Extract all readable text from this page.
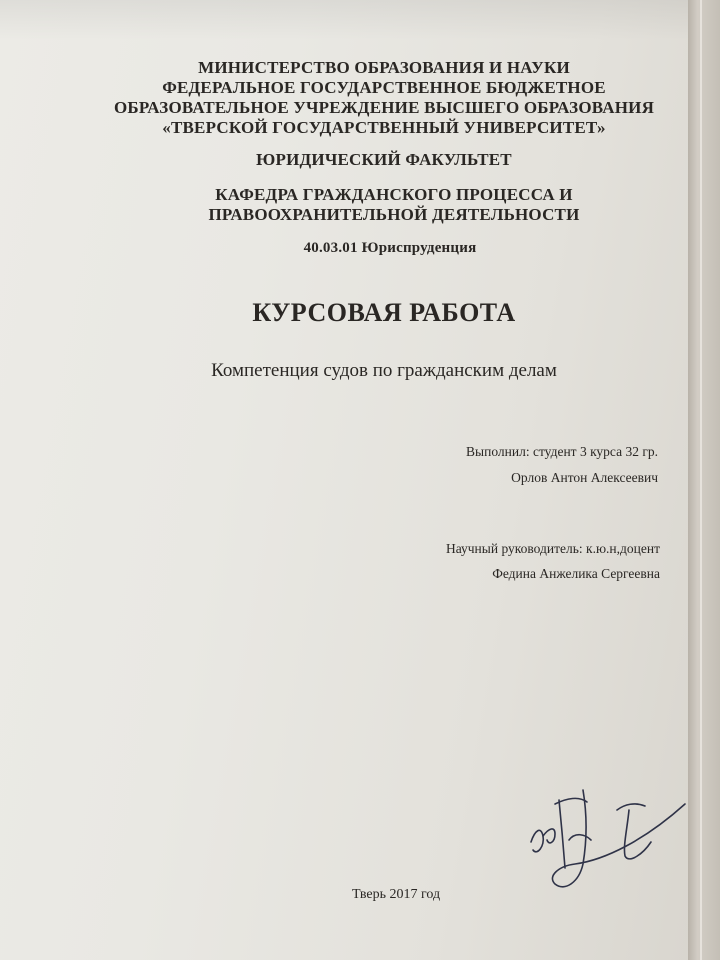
МИНИСТЕРСТВО ОБРАЗОВАНИЯ И НАУКИ
ФЕДЕРАЛЬНОЕ ГОСУДАРСТВЕННОЕ БЮДЖЕТНОЕ
ОБРАЗОВАТЕЛЬНОЕ УЧРЕЖДЕНИЕ ВЫСШЕГО ОБРАЗОВАНИЯ
«ТВЕРСКОЙ ГОСУДАРСТВЕННЫЙ УНИВЕРСИТЕТ»
ЮРИДИЧЕСКИЙ ФАКУЛЬТЕТ
КАФЕДРА ГРАЖДАНСКОГО ПРОЦЕССА И
ПРАВООХРАНИТЕЛЬНОЙ ДЕЯТЕЛЬНОСТИ
40.03.01 Юриспруденция
КУРСОВАЯ РАБОТА
Компетенция судов по гражданским делам
Выполнил: студент 3 курса 32 гр.
Орлов Антон Алексеевич
Научный руководитель: к.ю.н,доцент
Федина Анжелика Сергеевна
Тверь 2017 год
